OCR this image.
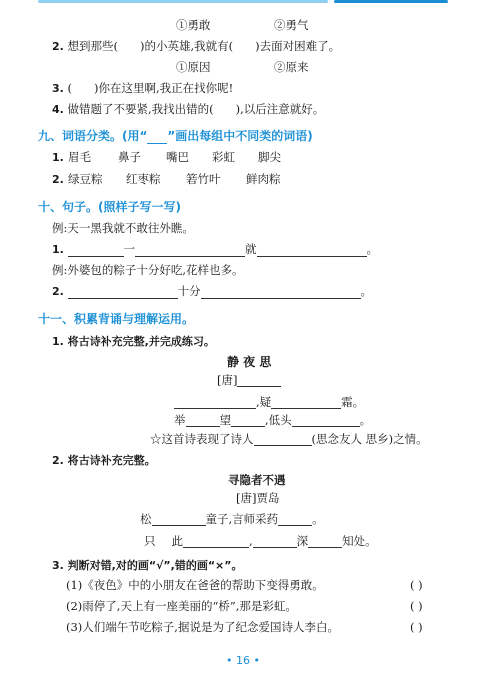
①勇敢	②勇气
2. 想到那些( )的小英雄,我就有( )去面对困难了。
①原因	②原来
3. ( )你在这里啊,我正在找你呢!
4. 做错题了不要紧,我找出错的( ),以后注意就好。
九、词语分类。(用“ ”画出每组中不同类的词语)
1. 眉毛 鼻子 嘴巴 彩虹 脚尖
2. 绿豆粽 红枣粽 箬竹叶 鲜肉粽
十、句子。(照样子写一写)
例:天一黑我就不敢往外瞧。
1.	一	就	。
例:外婆包的粽子十分好吃,花样也多。
2.	十分	。
十一、积累背诵与理解运用。
1. 将古诗补充完整,并完成练习。
静 夜 思
[唐]
,疑	霜。
举	望	,低头	。
☆这首诗表现了诗人	(思念友人 思乡)之情。
2. 将古诗补充完整。
寻隐者不遇
[唐]贾岛
松	童子,言师采药	。
只 此	,	深	知处。
3. 判断对错,对的画“√”,错的画“×”。
(1)《夜色》中的小朋友在爸爸的帮助下变得勇敢。	( )
(2)雨停了,天上有一座美丽的“桥”,那是彩虹。	( )
(3)人们端午节吃粽子,据说是为了纪念爱国诗人李白。	( )
• 16 •
